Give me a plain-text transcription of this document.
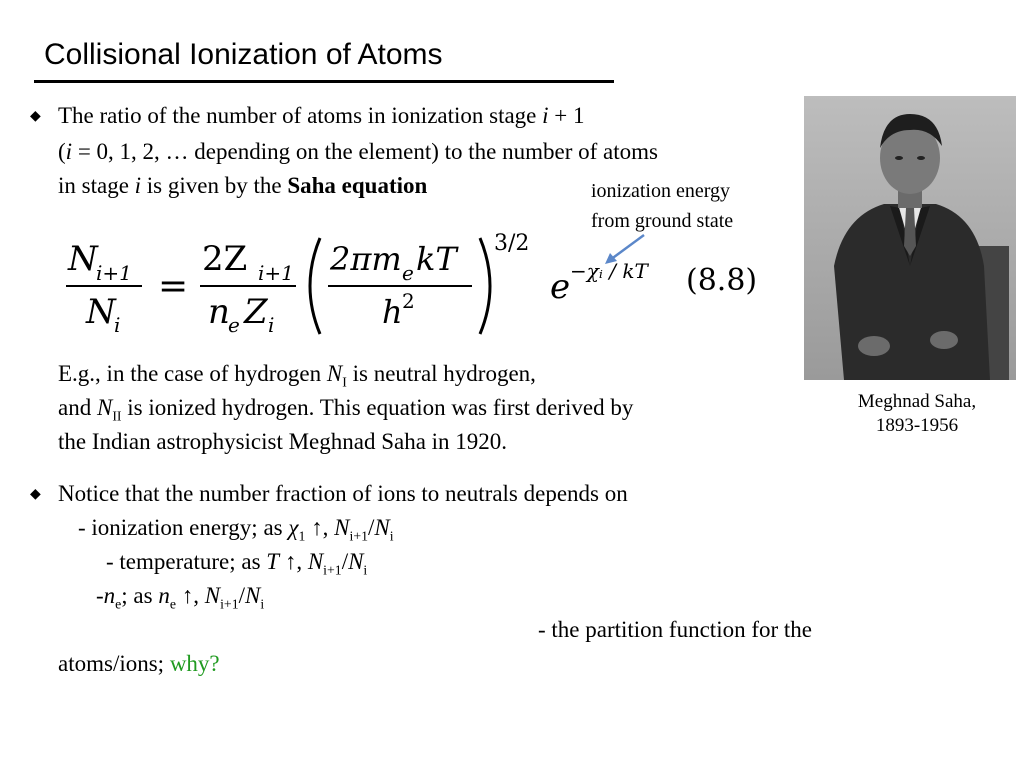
Collisional Ionization of Atoms
◆ The ratio of the number of atoms in ionization stage i + 1
(i = 0, 1, 2, … depending on the element) to the number of atoms
in stage i is given by the Saha equation	ionization energy
from ground state
N
i+1
N
i
=
2Z i+1
n
e Z i
2πm e kT
h 2
3/2
e −χᵢ / kT (8.8)
E.g., in the case of hydrogen $N_I$ is neutral hydrogen,
and $N_{II}$ is ionized hydrogen. This equation was first derived by
the Indian astrophysicist Meghnad Saha in 1920.
◆ Notice that the number fraction of ions to neutrals depends on
- ionization energy; as $\chi_1$ ↑, $N_{i+1}/N_i$
- temperature; as T ↑, $N_{i+1}/N_i$
$-n_e$; as $n_e$ ↑, $N_{i+1}/N_i$
- the partition function for the
atoms/ions; why?
Meghnad Saha,
1893-1956
